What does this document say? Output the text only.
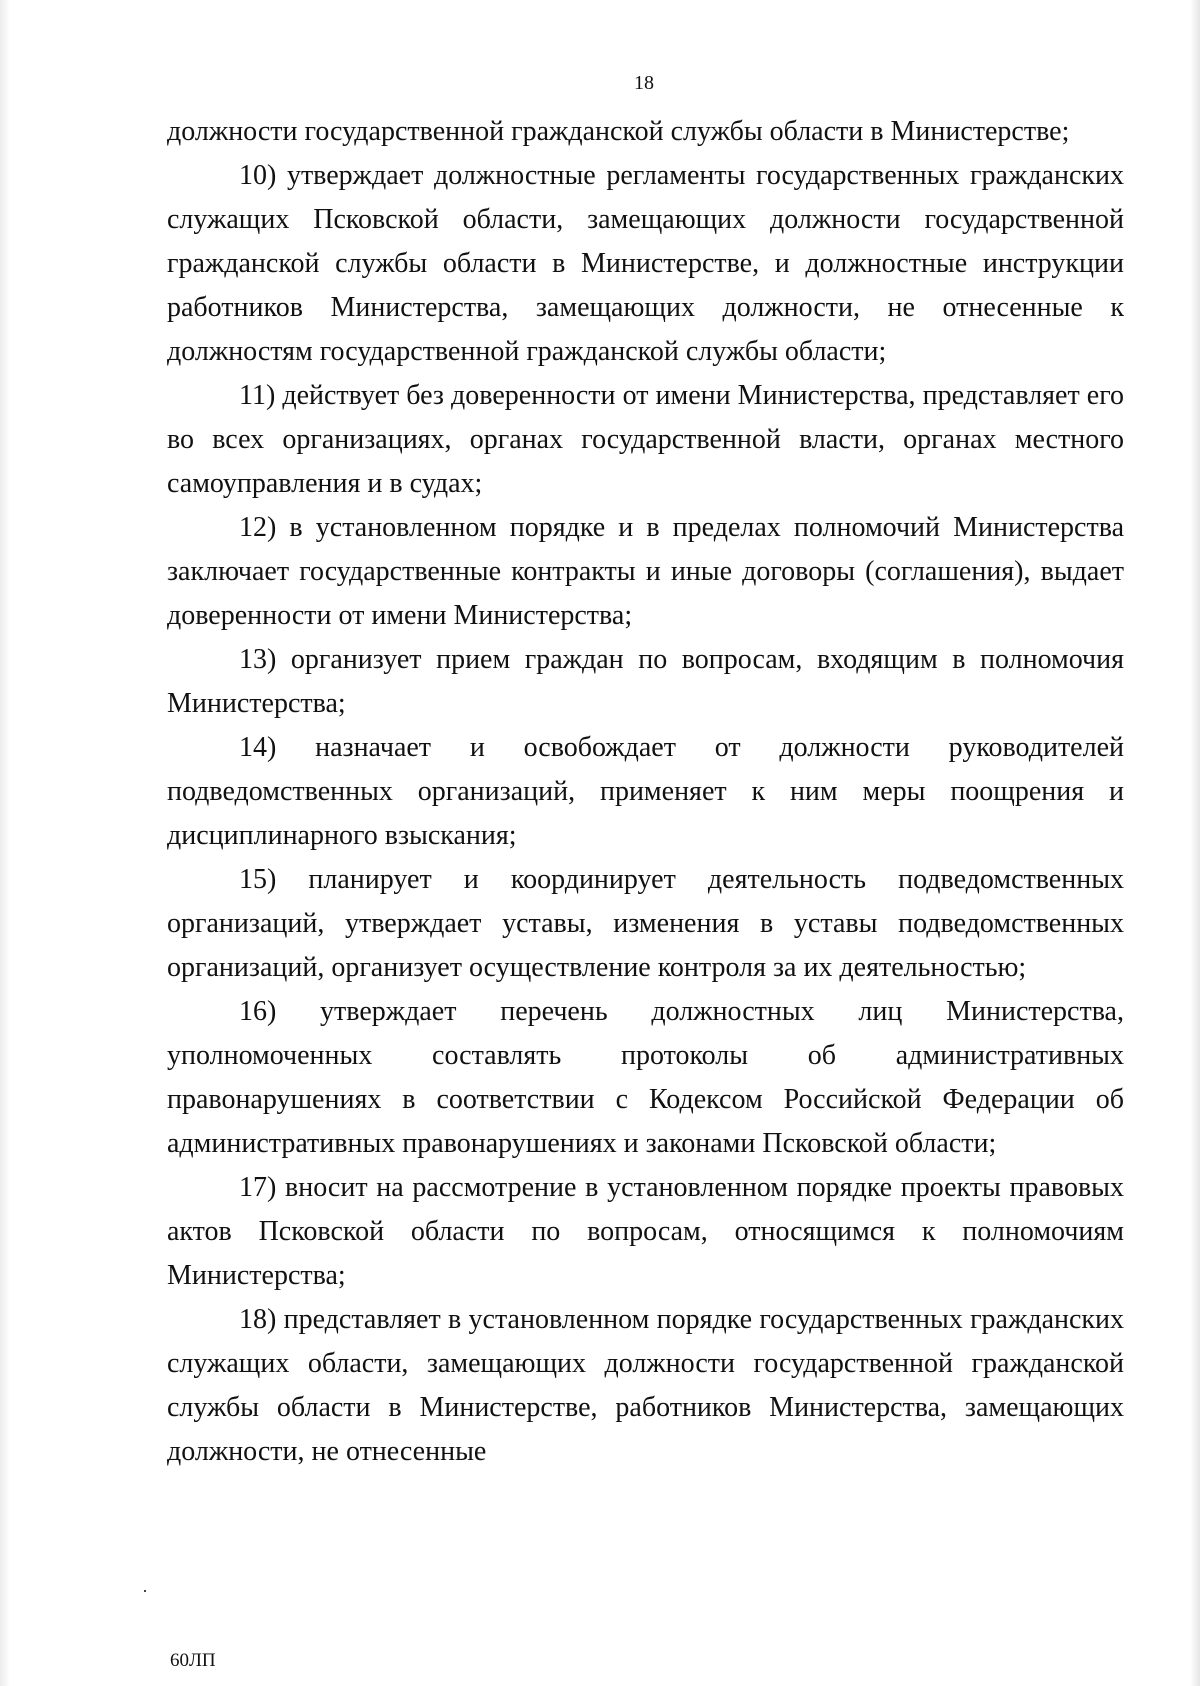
18

должности государственной гражданской службы области в Министерстве;

10) утверждает должностные регламенты государственных гражданских служащих Псковской области, замещающих должности государственной гражданской службы области в Министерстве, и должностные инструкции работников Министерства, замещающих должности, не отнесенные к должностям государственной гражданской службы области;

11) действует без доверенности от имени Министерства, представляет его во всех организациях, органах государственной власти, органах местного самоуправления и в судах;

12) в установленном порядке и в пределах полномочий Министерства заключает государственные контракты и иные договоры (соглашения), выдает доверенности от имени Министерства;

13) организует прием граждан по вопросам, входящим в полномочия Министерства;

14) назначает и освобождает от должности руководителей подведомственных организаций, применяет к ним меры поощрения и дисциплинарного взыскания;

15) планирует и координирует деятельность подведомственных организаций, утверждает уставы, изменения в уставы подведомственных организаций, организует осуществление контроля за их деятельностью;

16) утверждает перечень должностных лиц Министерства, уполномоченных составлять протоколы об административных правонарушениях в соответствии с Кодексом Российской Федерации об административных правонарушениях и законами Псковской области;

17) вносит на рассмотрение в установленном порядке проекты правовых актов Псковской области по вопросам, относящимся к полномочиям Министерства;

18) представляет в установленном порядке государственных гражданских служащих области, замещающих должности государственной гражданской службы области в Министерстве, работников Министерства, замещающих должности, не отнесенные

60ЛП
